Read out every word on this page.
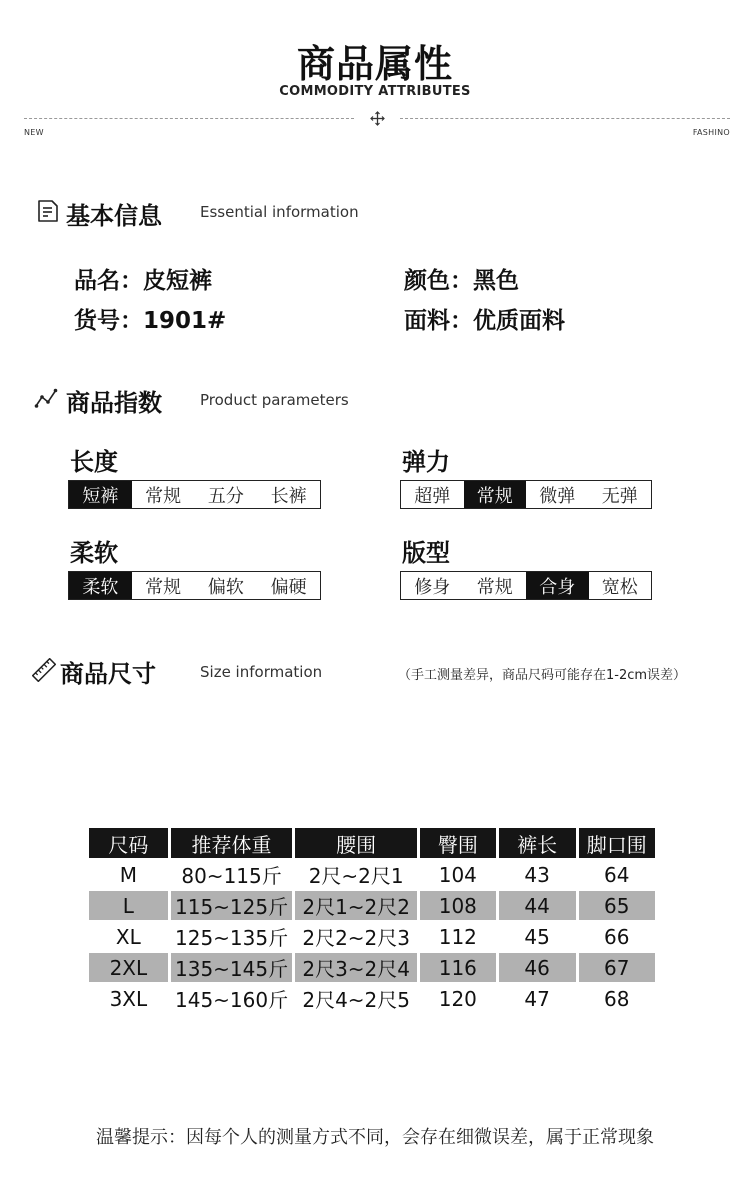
商品属性
COMMODITY ATTRIBUTES
NEW	FASHINO
基本信息	Essential information
品名：皮短裤	颜色：黑色
货号：1901#	面料：优质面料
商品指数	Product parameters
长度
短裤	常规	五分	长裤
弹力
超弹	常规	微弹	无弹
柔软
柔软	常规	偏软	偏硬
版型
修身	常规	合身	宽松
商品尺寸	Size information	（手工测量差异，商品尺码可能存在1-2cm误差）
尺码	推荐体重	腰围	臀围	裤长	脚口围
M	80~115斤	2尺~2尺1	104	43	64
L	115~125斤	2尺1~2尺2	108	44	65
XL	125~135斤	2尺2~2尺3	112	45	66
2XL	135~145斤	2尺3~2尺4	116	46	67
3XL	145~160斤	2尺4~2尺5	120	47	68
温馨提示：因每个人的测量方式不同，会存在细微误差，属于正常现象
